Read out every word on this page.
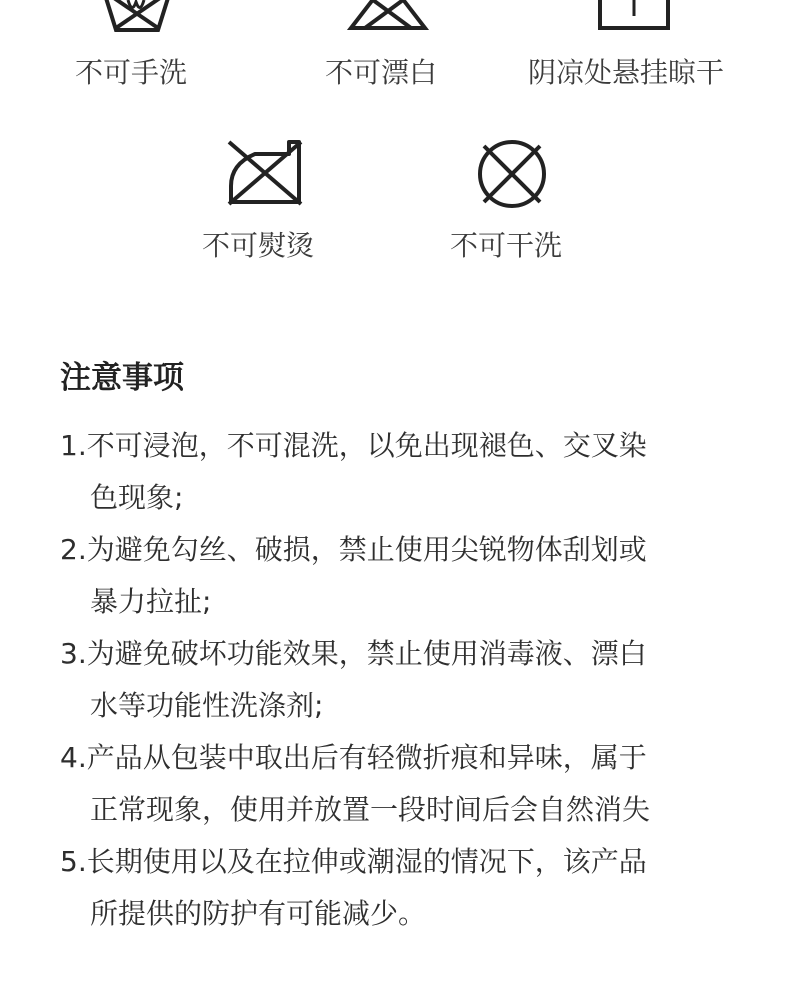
不可手洗	不可漂白	阴凉处悬挂晾干
不可熨烫	不可干洗
注意事项

1.不可浸泡，不可混洗，以免出现褪色、交叉染

色现象;

2.为避免勾丝、破损，禁止使用尖锐物体刮划或

暴力拉扯;

3.为避免破坏功能效果，禁止使用消毒液、漂白

水等功能性洗涤剂;

4.产品从包装中取出后有轻微折痕和异味，属于

正常现象，使用并放置一段时间后会自然消失

5.长期使用以及在拉伸或潮湿的情况下，该产品

所提供的防护有可能减少。
